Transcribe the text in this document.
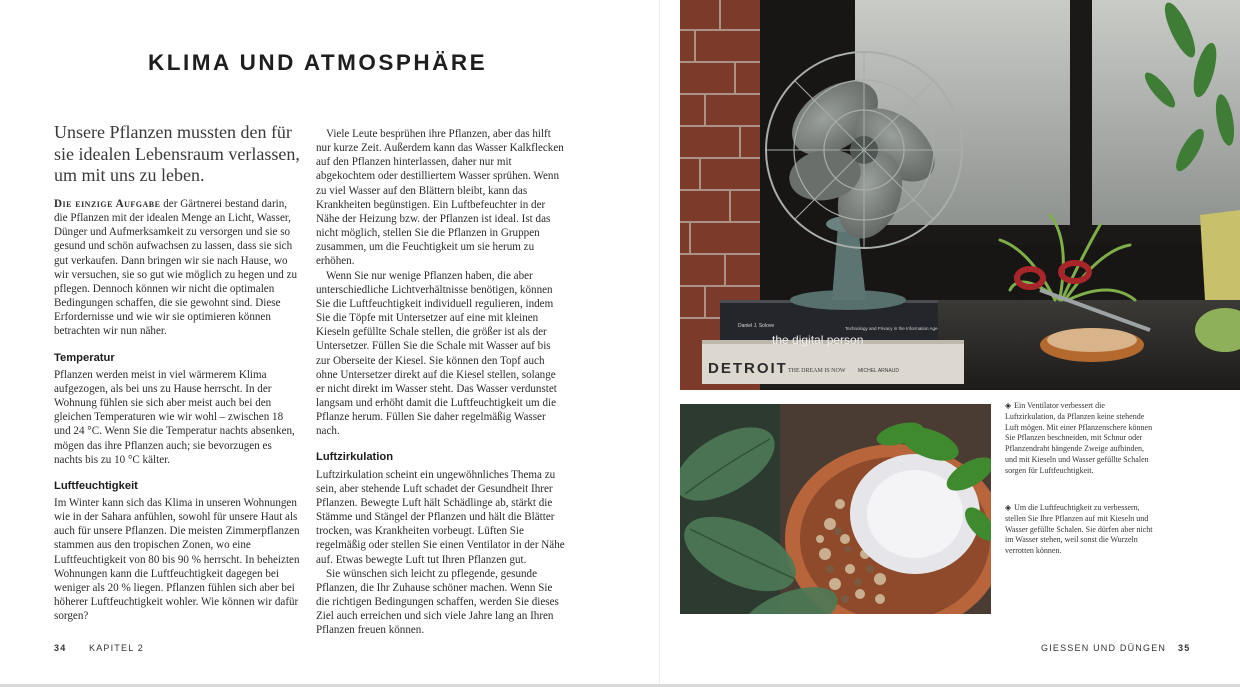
KLIMA UND ATMOSPHÄRE
Unsere Pflanzen mussten den für sie idealen Lebensraum verlassen, um mit uns zu leben.

Die einzige Aufgabe der Gärtnerei bestand darin, die Pflanzen mit der idealen Menge an Licht, Wasser, Dünger und Aufmerksamkeit zu versorgen und sie so gesund und schön aufwachsen zu lassen, dass sie sich gut verkaufen. Dann bringen wir sie nach Hause, wo wir versuchen, sie so gut wie möglich zu hegen und zu pflegen. Dennoch können wir nicht die optimalen Bedingungen schaffen, die sie gewohnt sind. Diese Erfordernisse und wie wir sie optimieren können betrachten wir nun näher.

Temperatur

Pflanzen werden meist in viel wärmerem Klima aufgezogen, als bei uns zu Hause herrscht. In der Wohnung fühlen sie sich aber meist auch bei den gleichen Temperaturen wie wir wohl – zwischen 18 und 24 °C. Wenn Sie die Temperatur nachts absenken, mögen das ihre Pflanzen auch; sie bevorzugen es nachts bis zu 10 °C kälter.

Luftfeuchtigkeit

Im Winter kann sich das Klima in unseren Wohnungen wie in der Sahara anfühlen, sowohl für unsere Haut als auch für unsere Pflanzen. Die meisten Zimmerpflanzen stammen aus den tropischen Zonen, wo eine Luftfeuchtigkeit von 80 bis 90 % herrscht. In beheizten Wohnungen kann die Luftfeuchtigkeit dagegen bei weniger als 20 % liegen. Pflanzen fühlen sich aber bei höherer Luftfeuchtigkeit wohler. Wie können wir dafür sorgen?

Viele Leute besprühen ihre Pflanzen, aber das hilft nur kurze Zeit. Außerdem kann das Wasser Kalkflecken auf den Pflanzen hinterlassen, daher nur mit abgekochtem oder destilliertem Wasser sprühen. Wenn zu viel Wasser auf den Blättern bleibt, kann das Krankheiten begünstigen. Ein Luftbefeuchter in der Nähe der Heizung bzw. der Pflanzen ist ideal. Ist das nicht möglich, stellen Sie die Pflanzen in Gruppen zusammen, um die Feuchtigkeit um sie herum zu erhöhen.

Wenn Sie nur wenige Pflanzen haben, die aber unterschiedliche Lichtverhältnisse benötigen, können Sie die Luftfeuchtigkeit individuell regulieren, indem Sie die Töpfe mit Untersetzer auf eine mit kleinen Kieseln gefüllte Schale stellen, die größer ist als der Untersetzer. Füllen Sie die Schale mit Wasser auf bis zur Oberseite der Kiesel. Sie können den Topf auch ohne Untersetzer direkt auf die Kiesel stellen, solange er nicht direkt im Wasser steht. Das Wasser verdunstet langsam und erhöht damit die Luftfeuchtigkeit um die Pflanze herum. Füllen Sie daher regelmäßig Wasser nach.

Luftzirkulation

Luftzirkulation scheint ein ungewöhnliches Thema zu sein, aber stehende Luft schadet der Gesundheit Ihrer Pflanzen. Bewegte Luft hält Schädlinge ab, stärkt die Stämme und Stängel der Pflanzen und hält die Blätter trocken, was Krankheiten vorbeugt. Lüften Sie regelmäßig oder stellen Sie einen Ventilator in der Nähe auf. Etwas bewegte Luft tut Ihren Pflanzen gut.

Sie wünschen sich leicht zu pflegende, gesunde Pflanzen, die Ihr Zuhause schöner machen. Wenn Sie die richtigen Bedingungen schaffen, werden Sie dieses Ziel auch erreichen und sich viele Jahre lang an Ihren Pflanzen freuen können.

34	KAPITEL 2
Daniel J. Solove
the digital person
Technology and Privacy in the Information Age
DETROIT THE DREAM IS NOW	MICHEL ARNAUD
◈ Ein Ventilator verbessert die Luftzirkulation, da Pflanzen keine stehende Luft mögen. Mit einer Pflanzenschere können Sie Pflanzen beschneiden, mit Schnur oder Pflanzendraht hängende Zweige aufbinden, und mit Kieseln und Wasser gefüllte Schalen sorgen für Luftfeuchtigkeit.
◈ Um die Luftfeuchtigkeit zu verbessern, stellen Sie Ihre Pflanzen auf mit Kieseln und Wasser gefüllte Schalen. Sie dürfen aber nicht im Wasser stehen, weil sonst die Wurzeln verrotten können.
GIESSEN UND DÜNGEN 35
